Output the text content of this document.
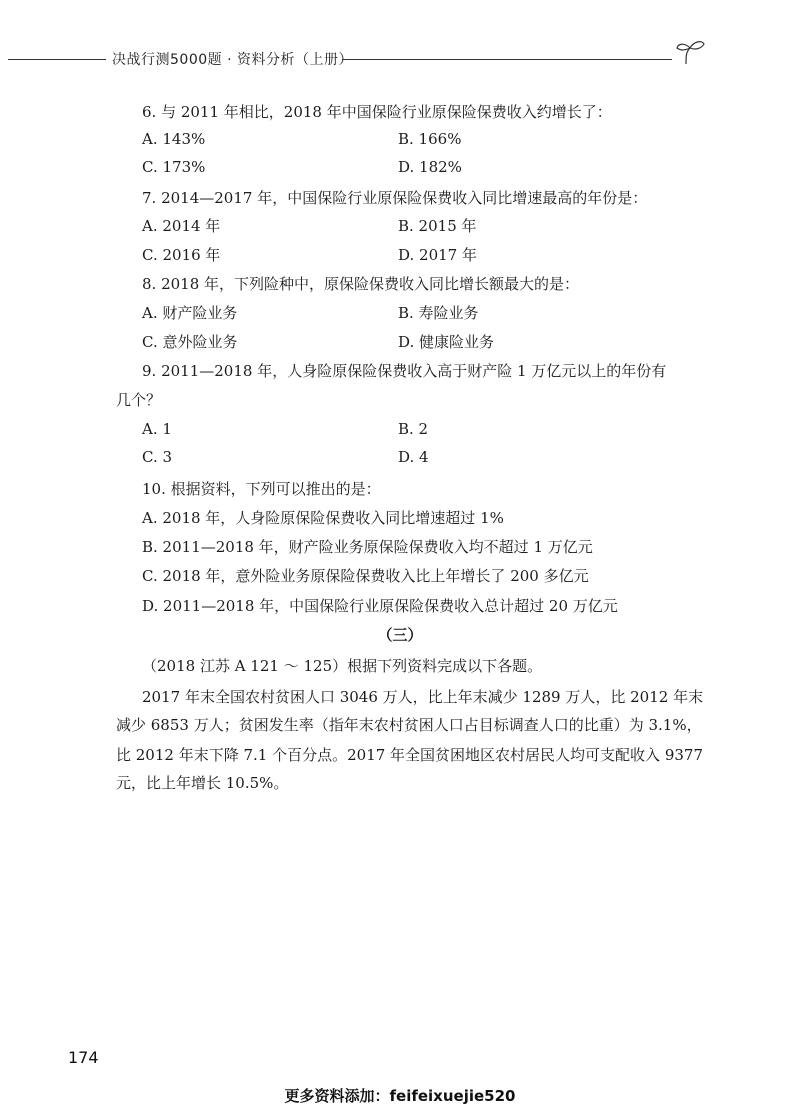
决战行测5000题 · 资料分析（上册）
6. 与 2011 年相比，2018 年中国保险行业原保险保费收入约增长了：
A. 143%	B. 166%
C. 173%	D. 182%
7. 2014—2017 年，中国保险行业原保险保费收入同比增速最高的年份是：
A. 2014 年	B. 2015 年
C. 2016 年	D. 2017 年
8. 2018 年，下列险种中，原保险保费收入同比增长额最大的是：
A. 财产险业务	B. 寿险业务
C. 意外险业务	D. 健康险业务
9. 2011—2018 年，人身险原保险保费收入高于财产险 1 万亿元以上的年份有
几个？
A. 1	B. 2
C. 3	D. 4
10. 根据资料，下列可以推出的是：
A. 2018 年，人身险原保险保费收入同比增速超过 1%
B. 2011—2018 年，财产险业务原保险保费收入均不超过 1 万亿元
C. 2018 年，意外险业务原保险保费收入比上年增长了 200 多亿元
D. 2011—2018 年，中国保险行业原保险保费收入总计超过 20 万亿元
（三）
（2018 江苏 A 121 ～ 125）根据下列资料完成以下各题。
2017 年末全国农村贫困人口 3046 万人，比上年末减少 1289 万人，比 2012 年末
减少 6853 万人；贫困发生率（指年末农村贫困人口占目标调查人口的比重）为 3.1%，
比 2012 年末下降 7.1 个百分点。2017 年全国贫困地区农村居民人均可支配收入 9377
元，比上年增长 10.5%。
174
更多资料添加：feifeixuejie520
